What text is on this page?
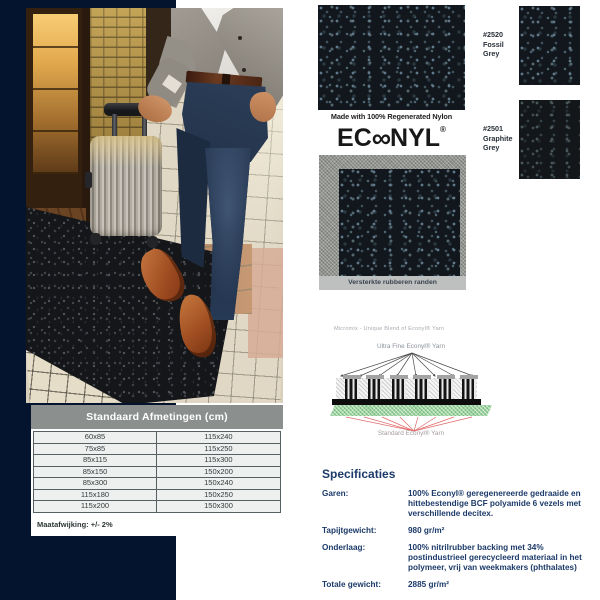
Standaard Afmetingen (cm)
60x85	115x240
75x85	115x250
85x115	115x300
85x150	150x200
85x300	150x240
115x180	150x250
115x200	150x300
Maatafwijking: +/- 2%
Made with 100% Regenerated Nylon
EC∞NYL®
#2520
Fossil
Grey
#2501
Graphite
Grey
Versterkte rubberen randen
Micromix - Unique Blend of Econyl® Yarn
Ultra Fine Econyl® Yarn
Standard Econyl® Yarn
Specificaties
Garen:	100% Econyl® geregenereerde gedraaide en hittebestendige BCF polyamide 6 vezels met verschillende decitex.
Tapijtgewicht:	980 gr/m²
Onderlaag:	100% nitrilrubber backing met 34% postindustrieel gerecycleerd materiaal in het polymeer, vrij van weekmakers (phthalates)
Totale gewicht:	2885 gr/m²
